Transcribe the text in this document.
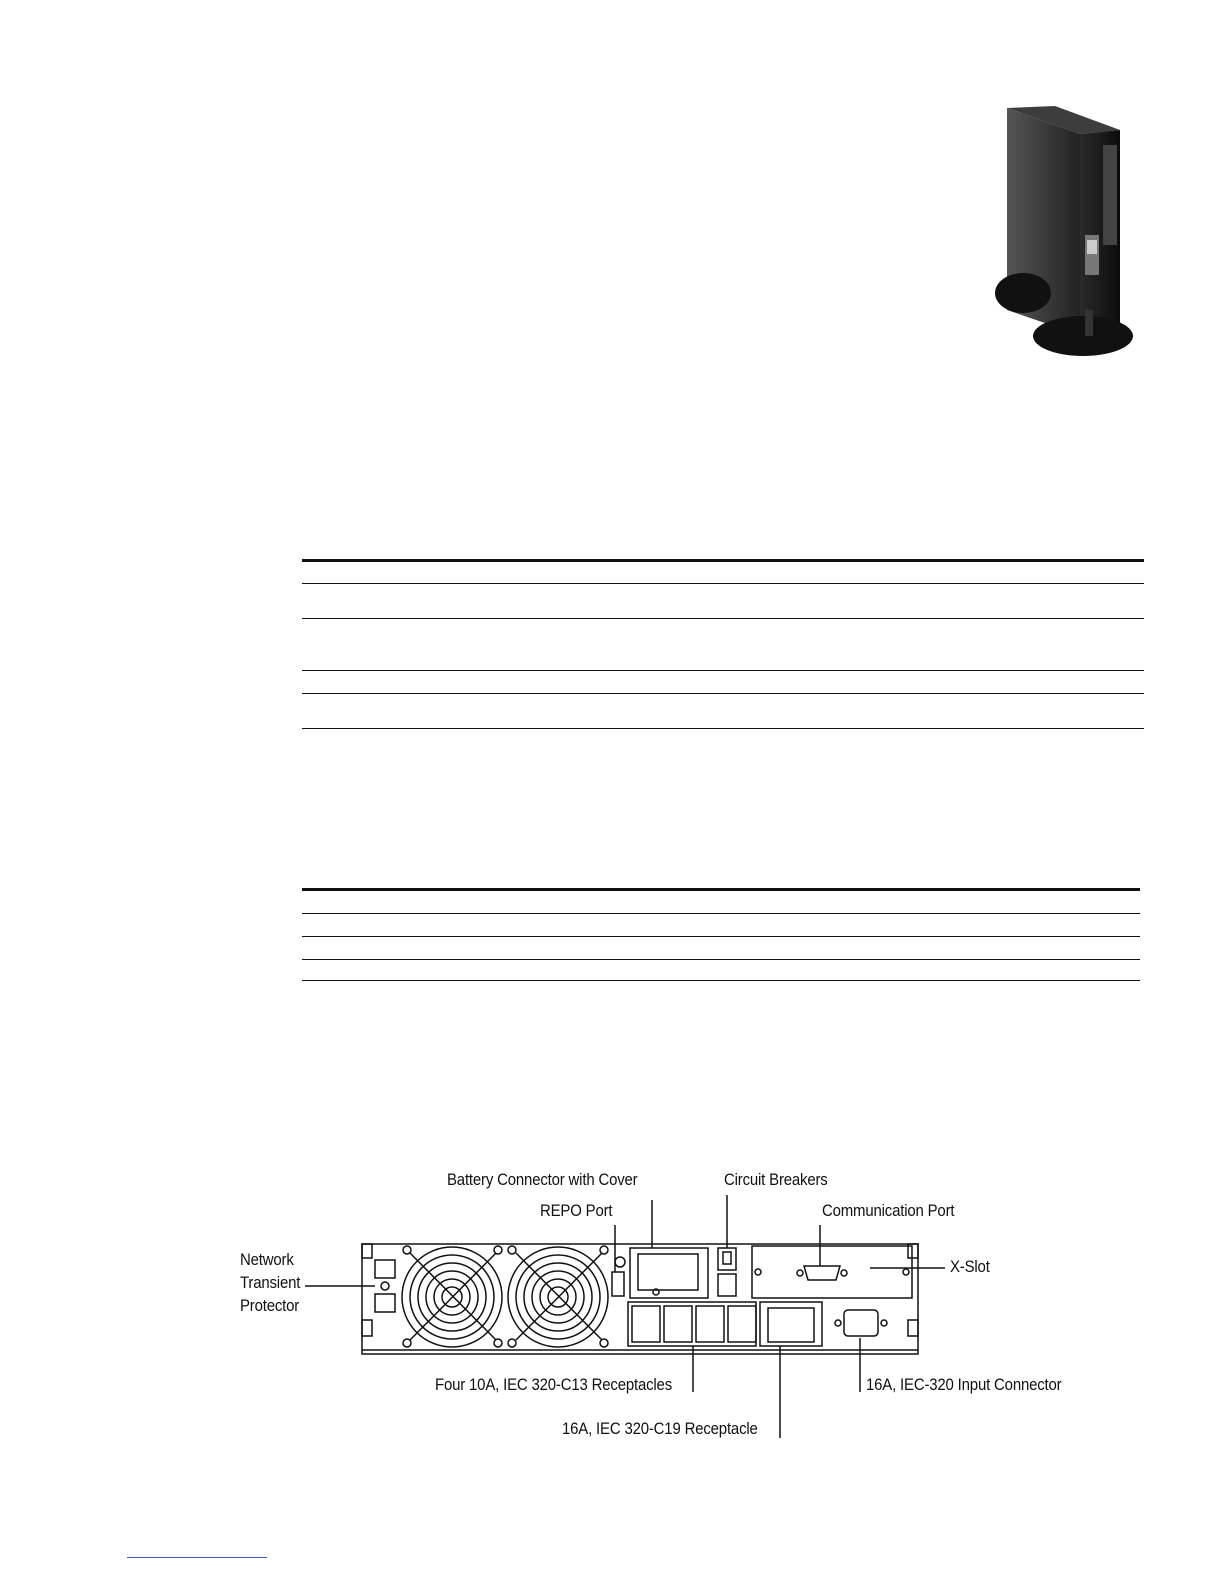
Battery Connector with Cover	Circuit Breakers
REPO Port	Communication Port
Network
Transient
Protector
X-Slot
Four 10A, IEC 320-C13 Receptacles	16A, IEC-320 Input Connector
16A, IEC 320-C19 Receptacle
